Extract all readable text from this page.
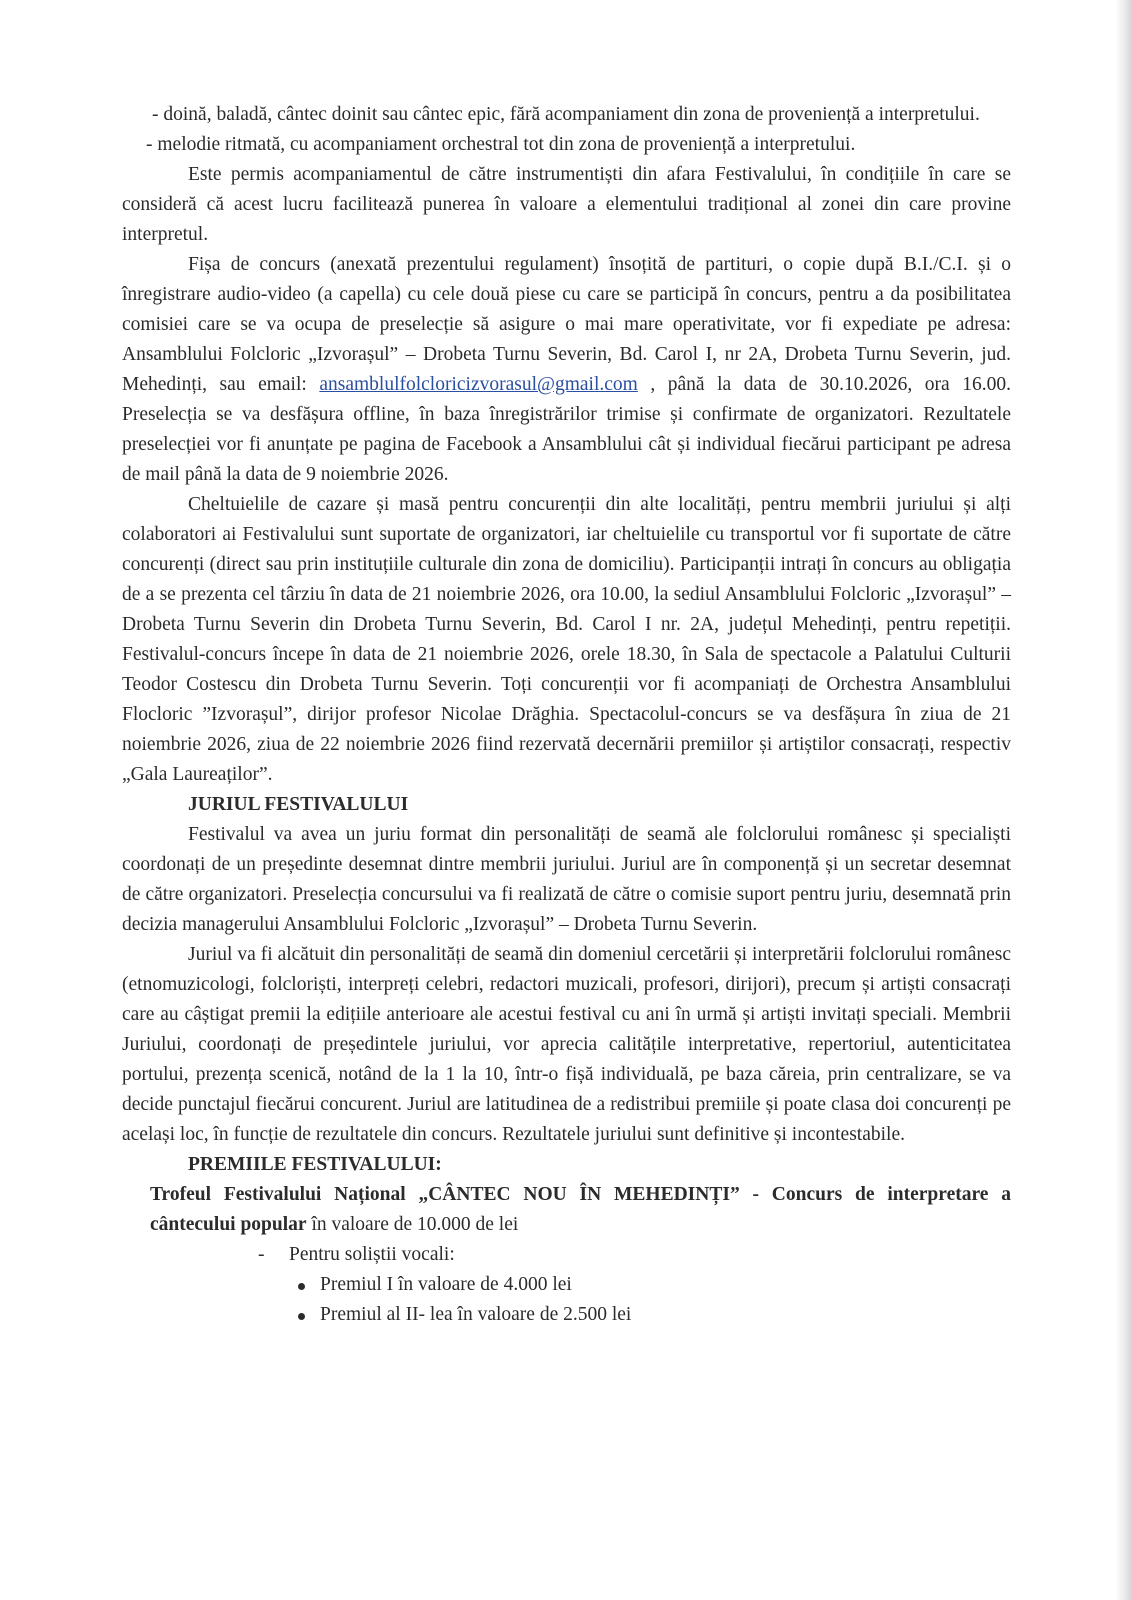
- doină, baladă, cântec doinit sau cântec epic, fără acompaniament din zona de proveniență a interpretului.

- melodie ritmată, cu acompaniament orchestral tot din zona de proveniență a interpretului.

Este permis acompaniamentul de către instrumentiști din afara Festivalului, în condițiile în care se consideră că acest lucru facilitează punerea în valoare a elementului tradițional al zonei din care provine interpretul.

Fișa de concurs (anexată prezentului regulament) însoțită de partituri, o copie după B.I./C.I. și o înregistrare audio-video (a capella) cu cele două piese cu care se participă în concurs, pentru a da posibilitatea comisiei care se va ocupa de preselecție să asigure o mai mare operativitate, vor fi expediate pe adresa: Ansamblului Folcloric „Izvorașul” – Drobeta Turnu Severin, Bd. Carol I, nr 2A, Drobeta Turnu Severin, jud. Mehedinți, sau email: ansamblulfolcloricizvorasul@gmail.com , până la data de 30.10.2026, ora 16.00. Preselecția se va desfășura offline, în baza înregistrărilor trimise și confirmate de organizatori. Rezultatele preselecției vor fi anunțate pe pagina de Facebook a Ansamblului cât și individual fiecărui participant pe adresa de mail până la data de 9 noiembrie 2026.

Cheltuielile de cazare și masă pentru concurenții din alte localități, pentru membrii juriului și alți colaboratori ai Festivalului sunt suportate de organizatori, iar cheltuielile cu transportul vor fi suportate de către concurenți (direct sau prin instituțiile culturale din zona de domiciliu). Participanții intrați în concurs au obligația de a se prezenta cel târziu în data de 21 noiembrie 2026, ora 10.00, la sediul Ansamblului Folcloric „Izvorașul” – Drobeta Turnu Severin din Drobeta Turnu Severin, Bd. Carol I nr. 2A, județul Mehedinți, pentru repetiții. Festivalul-concurs începe în data de 21 noiembrie 2026, orele 18.30, în Sala de spectacole a Palatului Culturii Teodor Costescu din Drobeta Turnu Severin. Toți concurenții vor fi acompaniați de Orchestra Ansamblului Flocloric ”Izvorașul”, dirijor profesor Nicolae Drăghia. Spectacolul-concurs se va desfășura în ziua de 21 noiembrie 2026, ziua de 22 noiembrie 2026 fiind rezervată decernării premiilor și artiștilor consacrați, respectiv „Gala Laureaților”.

JURIUL FESTIVALULUI

Festivalul va avea un juriu format din personalități de seamă ale folclorului românesc și specialiști coordonați de un președinte desemnat dintre membrii juriului. Juriul are în componență și un secretar desemnat de către organizatori. Preselecția concursului va fi realizată de către o comisie suport pentru juriu, desemnată prin decizia managerului Ansamblului Folcloric „Izvorașul” – Drobeta Turnu Severin.

Juriul va fi alcătuit din personalități de seamă din domeniul cercetării și interpretării folclorului românesc (etnomuzicologi, folcloriști, interpreți celebri, redactori muzicali, profesori, dirijori), precum și artiști consacrați care au câștigat premii la edițiile anterioare ale acestui festival cu ani în urmă și artiști invitați speciali. Membrii Juriului, coordonați de președintele juriului, vor aprecia calitățile interpretative, repertoriul, autenticitatea portului, prezența scenică, notând de la 1 la 10, într-o fișă individuală, pe baza căreia, prin centralizare, se va decide punctajul fiecărui concurent. Juriul are latitudinea de a redistribui premiile și poate clasa doi concurenți pe același loc, în funcție de rezultatele din concurs. Rezultatele juriului sunt definitive și incontestabile.

PREMIILE FESTIVALULUI:

Trofeul Festivalului Național „CÂNTEC NOU ÎN MEHEDINȚI” - Concurs de interpretare a cântecului popular în valoare de 10.000 de lei

- Pentru soliștii vocali:

Premiul I în valoare de 4.000 lei
Premiul al II- lea în valoare de 2.500 lei
